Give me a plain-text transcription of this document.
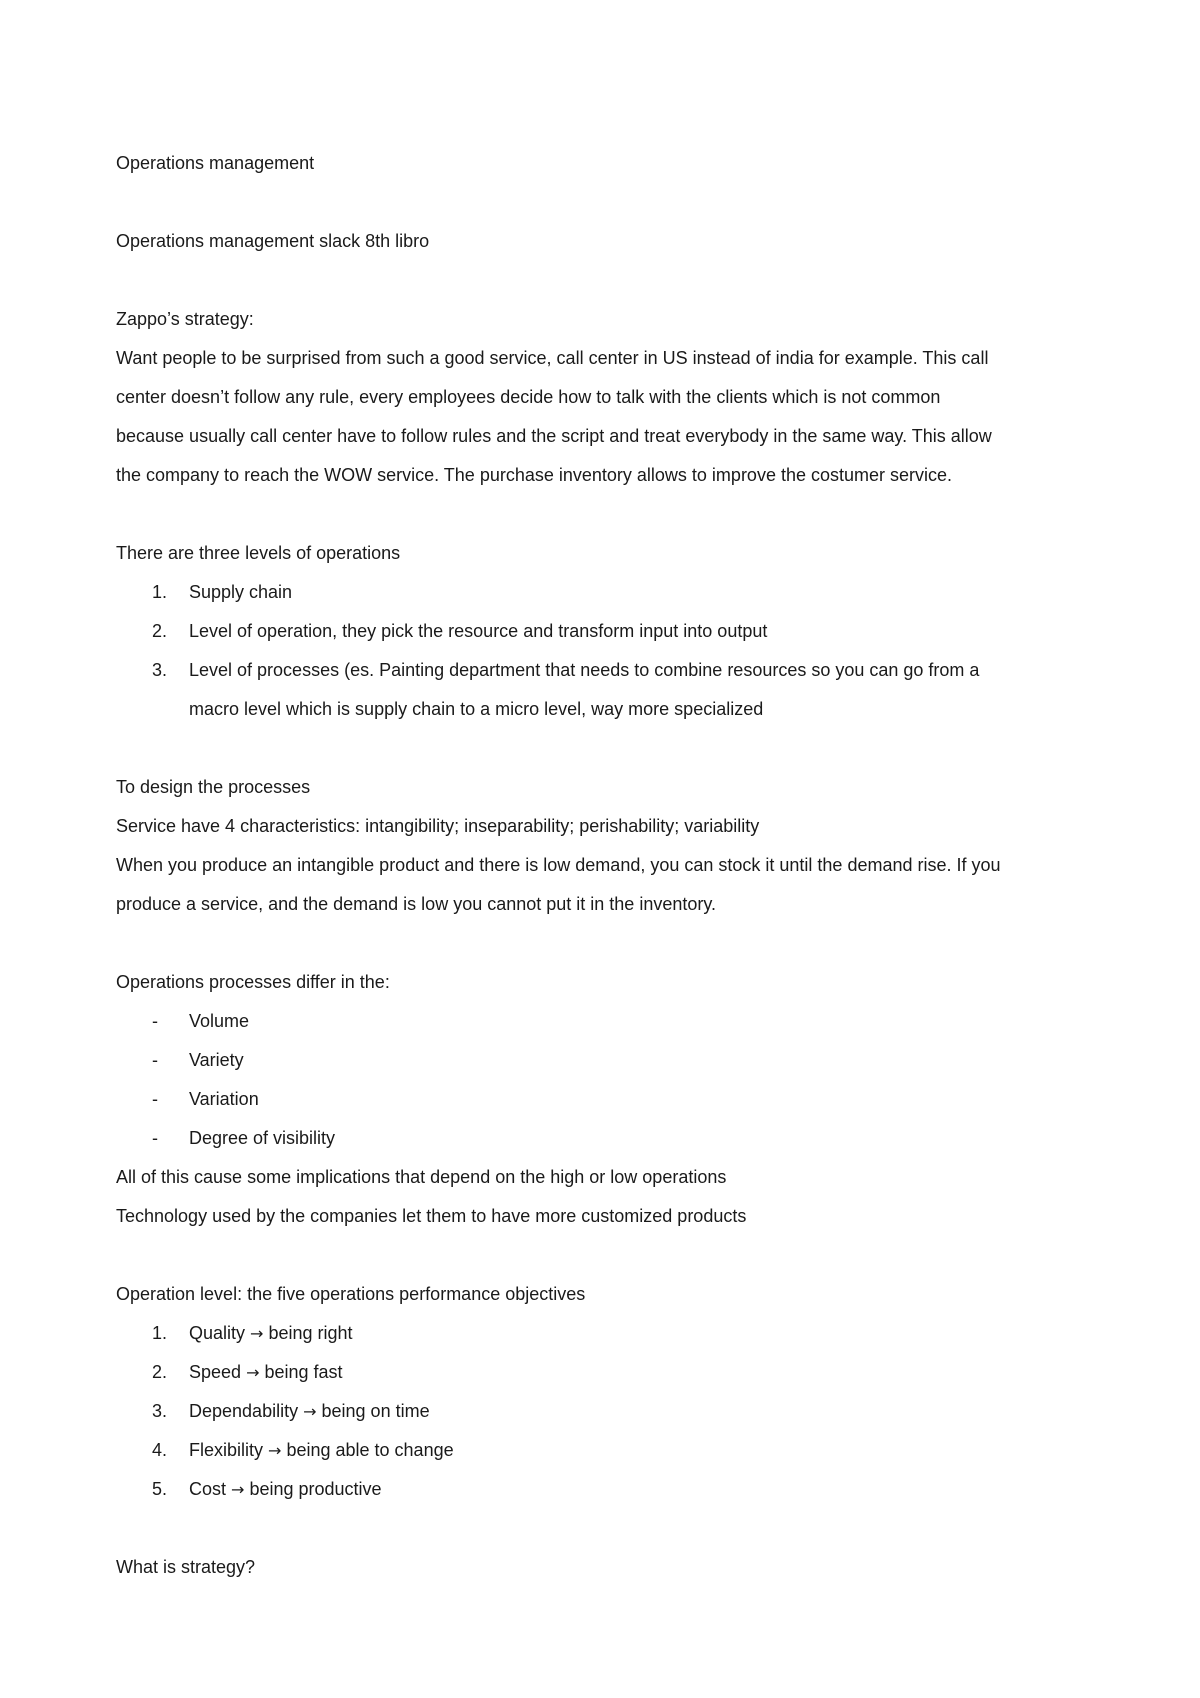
Operations management
Operations management slack 8th libro
Zappo’s strategy:
Want people to be surprised from such a good service, call center in US instead of india for example. This call
center doesn’t follow any rule, every employees decide how to talk with the clients which is not common
because usually call center have to follow rules and the script and treat everybody in the same way. This allow
the company to reach the WOW service. The purchase inventory allows to improve the costumer service.
There are three levels of operations
1. Supply chain
2. Level of operation, they pick the resource and transform input into output
3. Level of processes (es. Painting department that needs to combine resources so you can go from a
macro level which is supply chain to a micro level, way more specialized
To design the processes
Service have 4 characteristics: intangibility; inseparability; perishability; variability
When you produce an intangible product and there is low demand, you can stock it until the demand rise. If you
produce a service, and the demand is low you cannot put it in the inventory.
Operations processes differ in the:
- Volume
- Variety
- Variation
- Degree of visibility
All of this cause some implications that depend on the high or low operations
Technology used by the companies let them to have more customized products
Operation level: the five operations performance objectives
1. Quality → being right
2. Speed → being fast
3. Dependability → being on time
4. Flexibility → being able to change
5. Cost → being productive
What is strategy?
